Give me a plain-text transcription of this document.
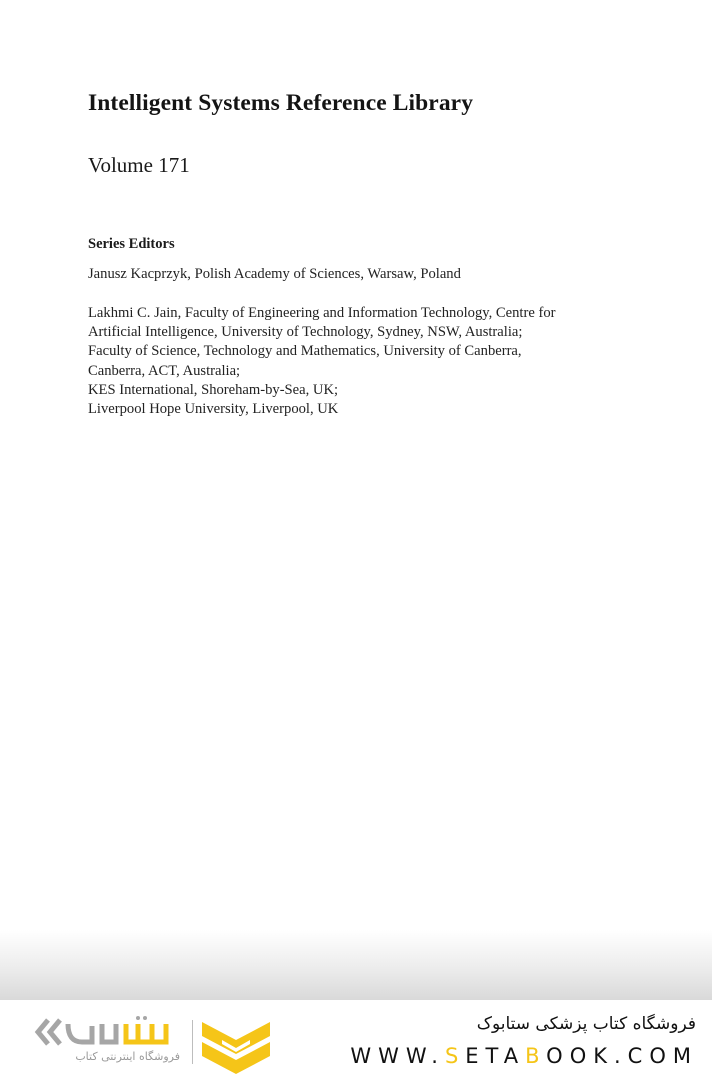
Intelligent Systems Reference Library

Volume 171

Series Editors

Janusz Kacprzyk, Polish Academy of Sciences, Warsaw, Poland

Lakhmi C. Jain, Faculty of Engineering and Information Technology, Centre for
Artificial Intelligence, University of Technology, Sydney, NSW, Australia;
Faculty of Science, Technology and Mathematics, University of Canberra,
Canberra, ACT, Australia;
KES International, Shoreham-by-Sea, UK;
Liverpool Hope University, Liverpool, UK

فروشگاه اینترنتی کتاب
فروشگاه کتاب پزشکی ستابوک
WWW.SETABOOK.COM
